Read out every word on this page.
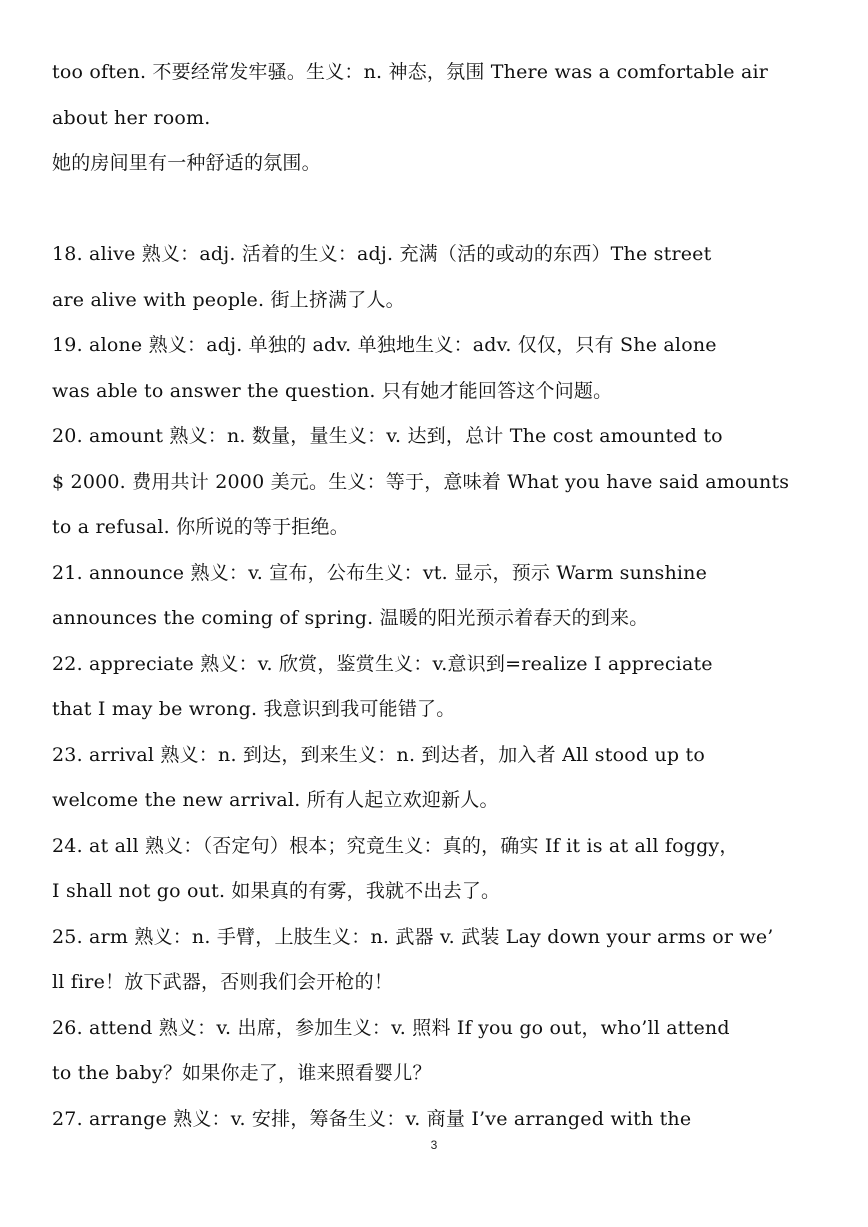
too often. 不要经常发牢骚。生义：n. 神态，氛围 There was a comfortable air
about her room.
她的房间里有一种舒适的氛围。
18. alive 熟义：adj. 活着的生义：adj. 充满（活的或动的东西）The street
are alive with people. 街上挤满了人。
19. alone 熟义：adj. 单独的 adv. 单独地生义：adv. 仅仅，只有 She alone
was able to answer the question. 只有她才能回答这个问题。
20. amount 熟义：n. 数量，量生义：v. 达到，总计 The cost amounted to
$ 2000. 费用共计 2000 美元。生义：等于，意味着 What you have said amounts
to a refusal. 你所说的等于拒绝。
21. announce 熟义：v. 宣布，公布生义：vt. 显示，预示 Warm sunshine
announces the coming of spring. 温暖的阳光预示着春天的到来。
22. appreciate 熟义：v. 欣赏，鉴赏生义：v.意识到=realize I appreciate
that I may be wrong. 我意识到我可能错了。
23. arrival 熟义：n. 到达，到来生义：n. 到达者，加入者 All stood up to
welcome the new arrival. 所有人起立欢迎新人。
24. at all 熟义：（否定句）根本；究竟生义：真的，确实 If it is at all foggy，
I shall not go out. 如果真的有雾，我就不出去了。
25. arm 熟义：n. 手臂，上肢生义：n. 武器 v. 武装 Lay down your arms or we’
ll fire！放下武器，否则我们会开枪的！
26. attend 熟义：v. 出席，参加生义：v. 照料 If you go out，who’ll attend
to the baby？如果你走了，谁来照看婴儿？
27. arrange 熟义：v. 安排，筹备生义：v. 商量 I’ve arranged with the
3
